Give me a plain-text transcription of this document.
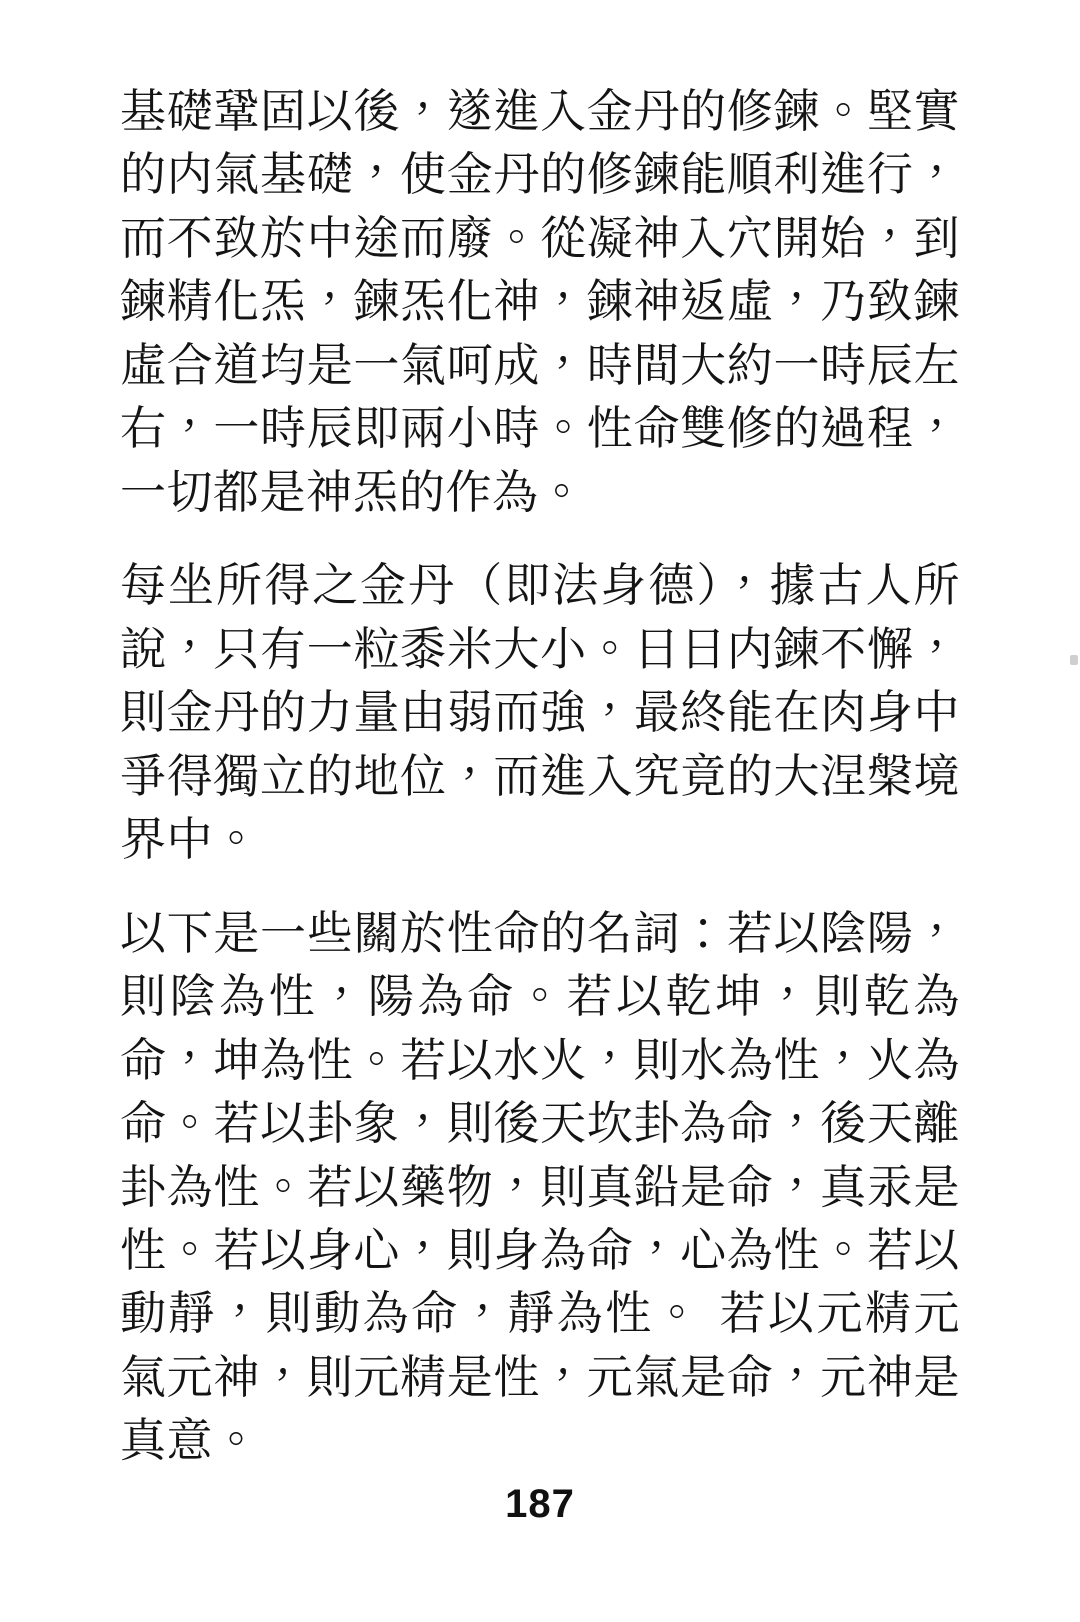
基礎鞏固以後，遂進入金丹的修鍊。堅實的内氣基礎，使金丹的修鍊能順利進行，而不致於中途而廢。從凝神入穴開始，到鍊精化炁，鍊炁化神，鍊神返虛，乃致鍊虛合道均是一氣呵成，時間大約一時辰左右，一時辰即兩小時。性命雙修的過程，一切都是神炁的作為。

每坐所得之金丹（即法身德），據古人所說，只有一粒黍米大小。日日内鍊不懈，則金丹的力量由弱而強，最終能在肉身中爭得獨立的地位，而進入究竟的大涅槃境界中。

以下是一些關於性命的名詞：若以陰陽，則陰為性，陽為命。若以乾坤，則乾為命，坤為性。若以水火，則水為性，火為命。若以卦象，則後天坎卦為命，後天離卦為性。若以藥物，則真鉛是命，真汞是性。若以身心，則身為命，心為性。若以動靜，則動為命，靜為性。 若以元精元氣元神，則元精是性，元氣是命，元神是真意。

187
